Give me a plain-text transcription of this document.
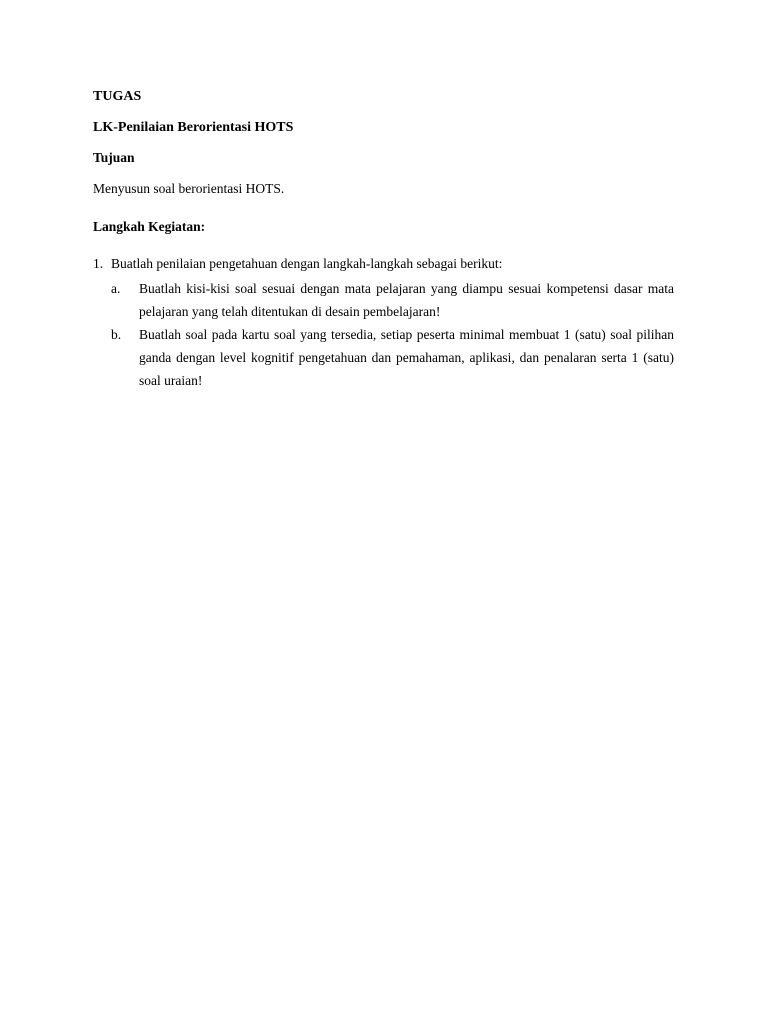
TUGAS
LK-Penilaian Berorientasi HOTS
Tujuan
Menyusun soal berorientasi HOTS.
Langkah Kegiatan:
1. Buatlah penilaian pengetahuan dengan langkah-langkah sebagai berikut:
a. Buatlah kisi-kisi soal sesuai dengan mata pelajaran yang diampu sesuai kompetensi dasar mata pelajaran yang telah ditentukan di desain pembelajaran!
b. Buatlah soal pada kartu soal yang tersedia, setiap peserta minimal membuat 1 (satu) soal pilihan ganda dengan level kognitif pengetahuan dan pemahaman, aplikasi, dan penalaran serta 1 (satu) soal uraian!
